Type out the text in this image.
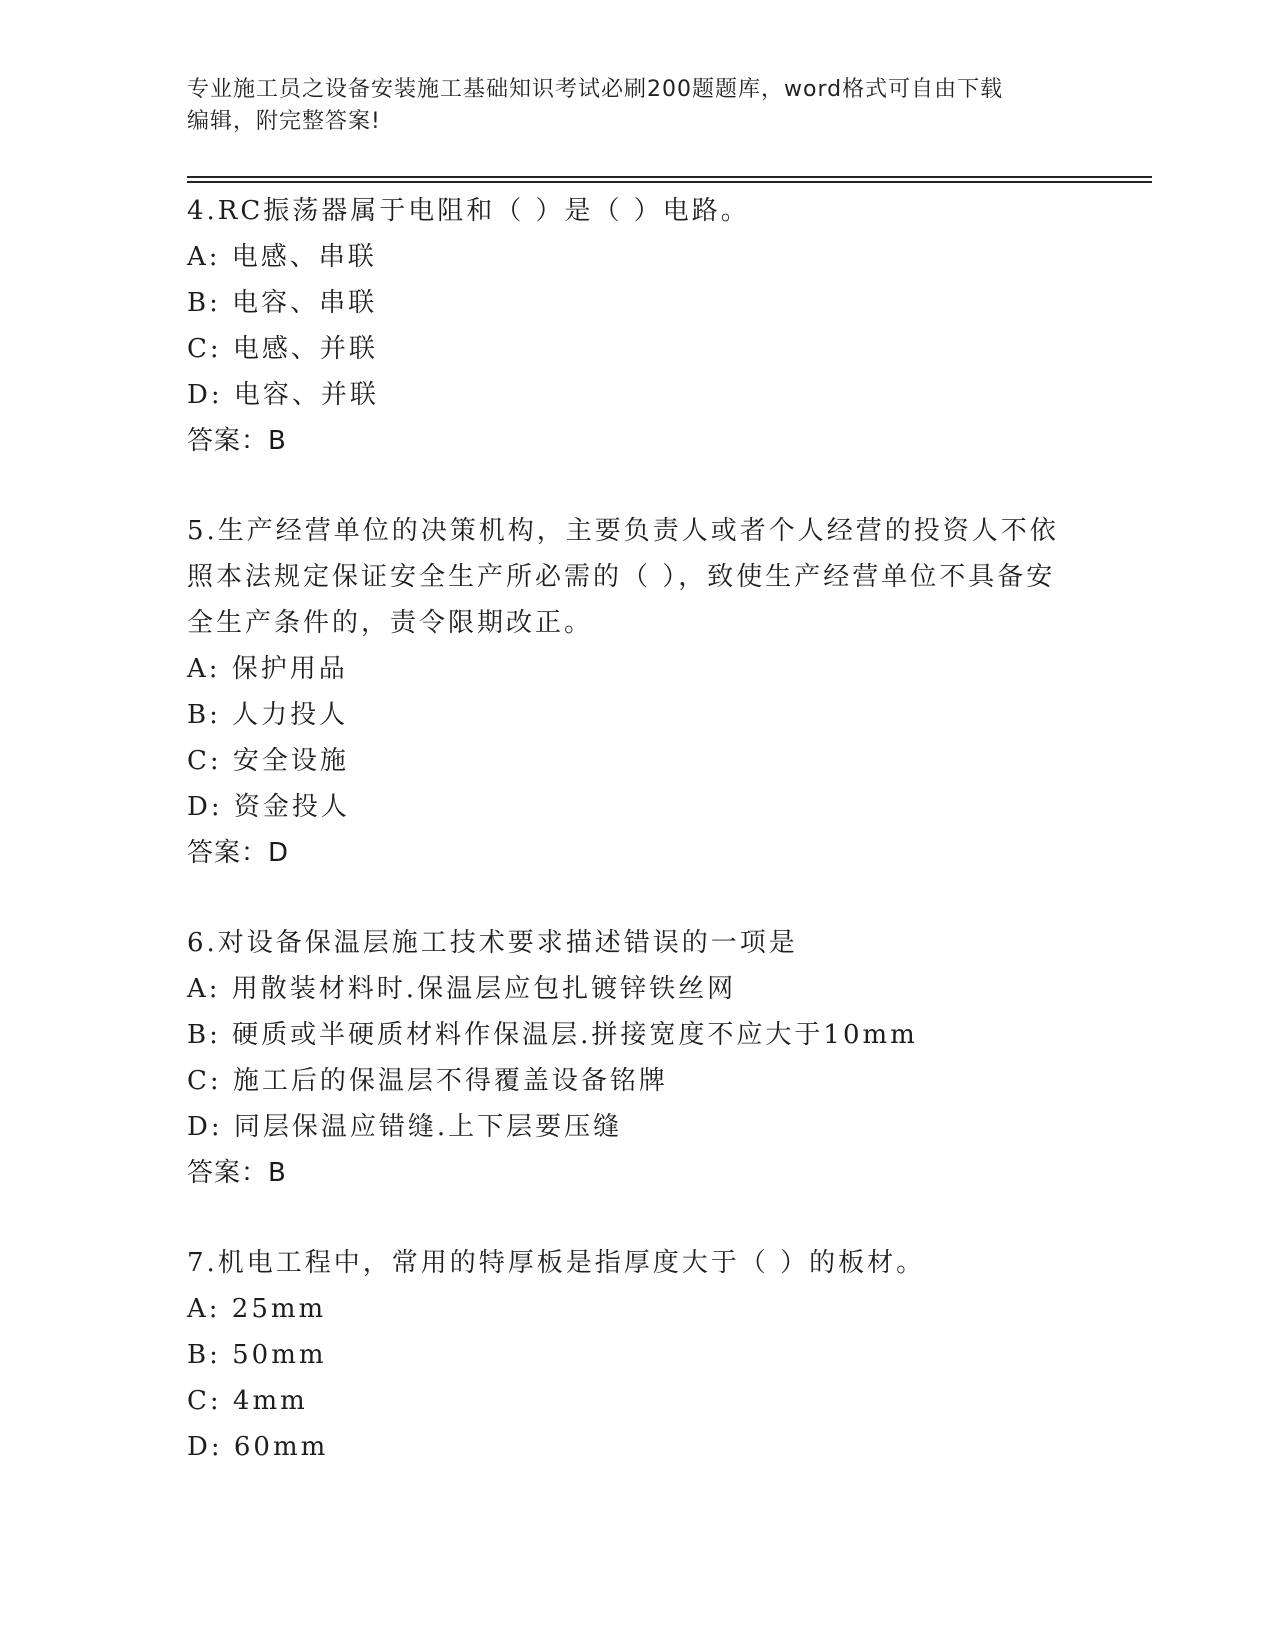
专业施工员之设备安装施工基础知识考试必刷200题题库，word格式可自由下载
编辑，附完整答案!
4.RC振荡器属于电阻和（ ）是（ ）电路。
A: 电感、串联
B: 电容、串联
C: 电感、并联
D: 电容、并联
答案：B
5.生产经营单位的决策机构，主要负责人或者个人经营的投资人不依
照本法规定保证安全生产所必需的（ ），致使生产经营单位不具备安
全生产条件的，责令限期改正。
A: 保护用品
B: 人力投人
C: 安全设施
D: 资金投人
答案：D
6.对设备保温层施工技术要求描述错误的一项是
A: 用散装材料时.保温层应包扎镀锌铁丝网
B: 硬质或半硬质材料作保温层.拼接宽度不应大于10mm
C: 施工后的保温层不得覆盖设备铭牌
D: 同层保温应错缝.上下层要压缝
答案：B
7.机电工程中，常用的特厚板是指厚度大于（ ）的板材。
A: 25mm
B: 50mm
C: 4mm
D: 60mm
